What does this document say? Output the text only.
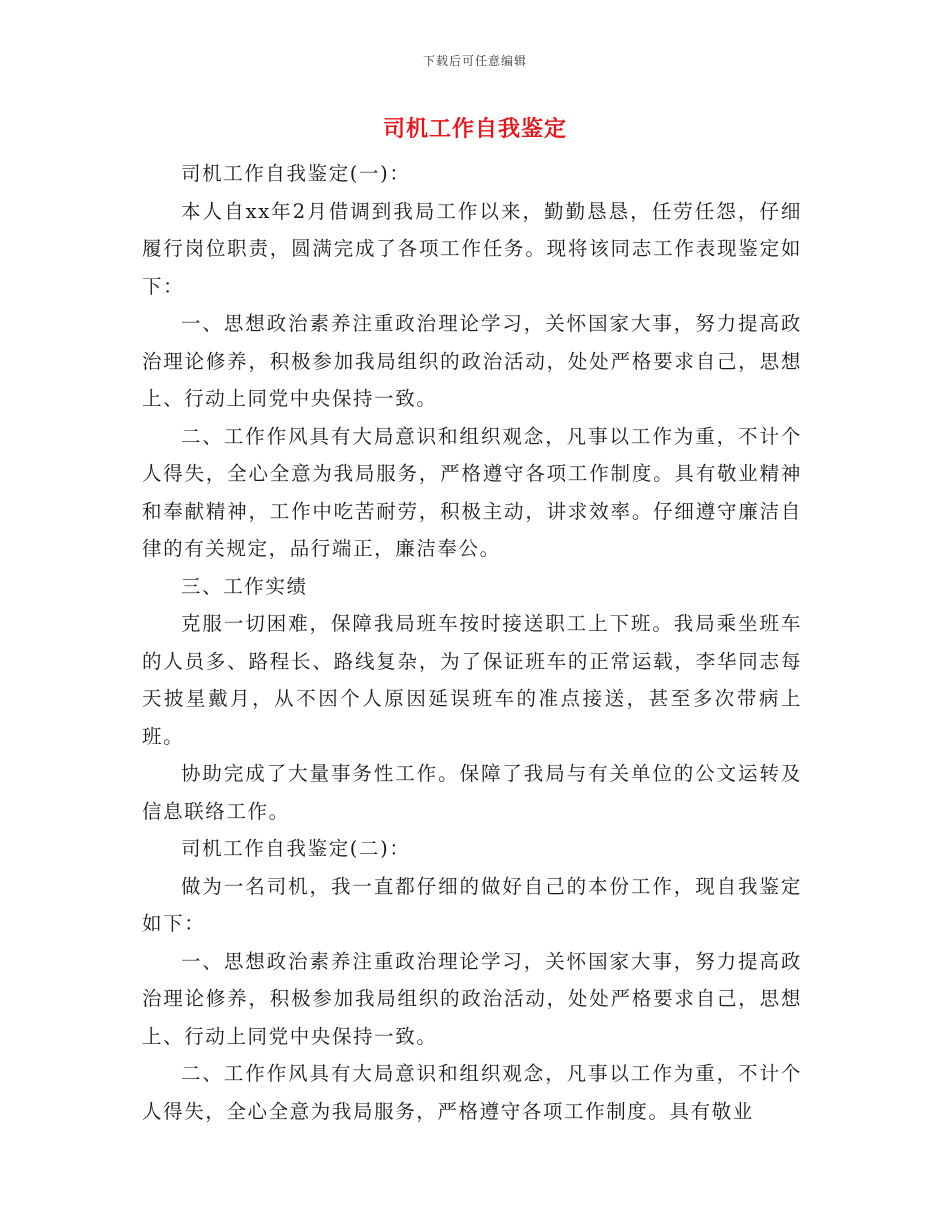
下载后可任意编辑
司机工作自我鉴定

司机工作自我鉴定(一)：

本人自xx年2月借调到我局工作以来，勤勤恳恳，任劳任怨，仔细履行岗位职责，圆满完成了各项工作任务。现将该同志工作表现鉴定如下：

一、思想政治素养注重政治理论学习，关怀国家大事，努力提高政治理论修养，积极参加我局组织的政治活动，处处严格要求自己，思想上、行动上同党中央保持一致。

二、工作作风具有大局意识和组织观念，凡事以工作为重，不计个人得失，全心全意为我局服务，严格遵守各项工作制度。具有敬业精神和奉献精神，工作中吃苦耐劳，积极主动，讲求效率。仔细遵守廉洁自律的有关规定，品行端正，廉洁奉公。

三、工作实绩

克服一切困难，保障我局班车按时接送职工上下班。我局乘坐班车的人员多、路程长、路线复杂，为了保证班车的正常运载，李华同志每天披星戴月，从不因个人原因延误班车的准点接送，甚至多次带病上班。

协助完成了大量事务性工作。保障了我局与有关单位的公文运转及信息联络工作。

司机工作自我鉴定(二)：

做为一名司机，我一直都仔细的做好自己的本份工作，现自我鉴定如下：

一、思想政治素养注重政治理论学习，关怀国家大事，努力提高政治理论修养，积极参加我局组织的政治活动，处处严格要求自己，思想上、行动上同党中央保持一致。

二、工作作风具有大局意识和组织观念，凡事以工作为重，不计个人得失，全心全意为我局服务，严格遵守各项工作制度。具有敬业
